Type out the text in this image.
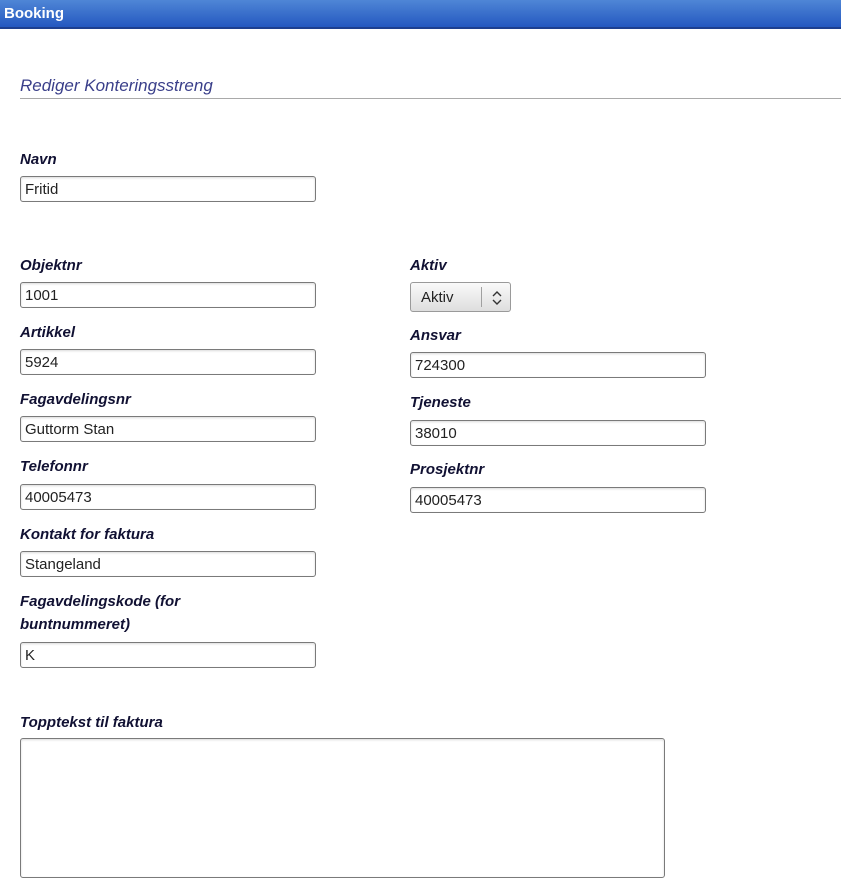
Booking
Rediger Konteringsstreng
Navn
Fritid
Objektnr
1001
Artikkel
5924
Fagavdelingsnr
Guttorm Stan
Telefonnr
40005473
Kontakt for faktura
Stangeland
Fagavdelingskode (for
buntnummeret)
K
Aktiv
Aktiv
Ansvar
724300
Tjeneste
38010
Prosjektnr
40005473
Topptekst til faktura
